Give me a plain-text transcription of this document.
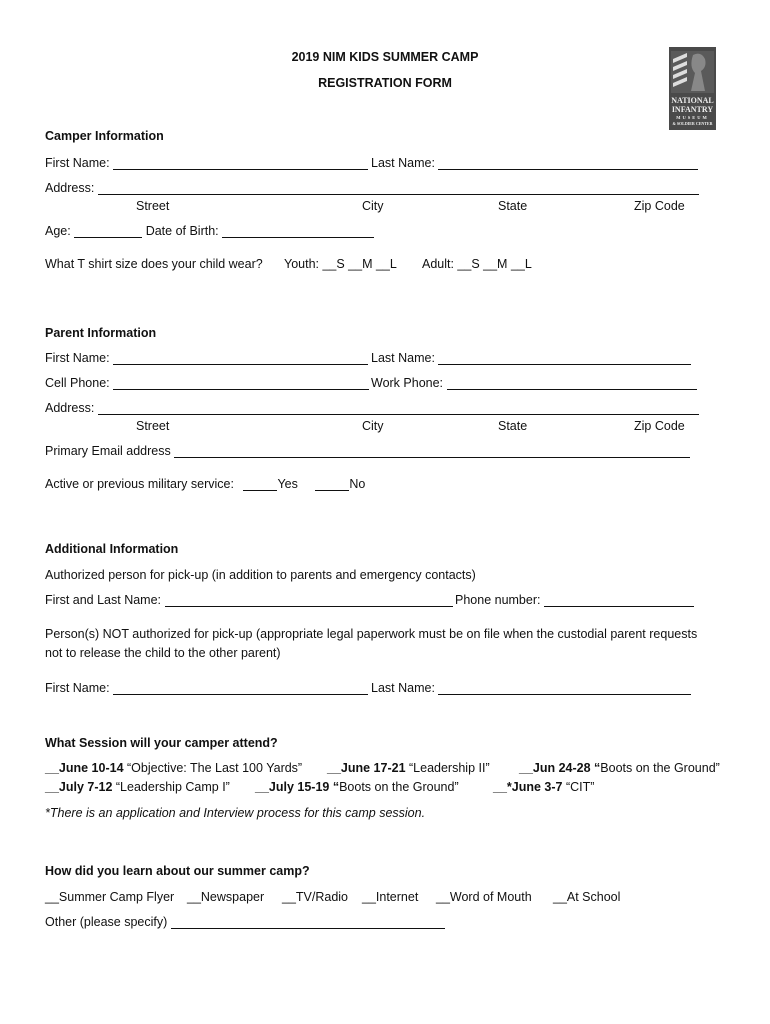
2019 NIM KIDS SUMMER CAMP
REGISTRATION FORM
NATIONAL
INFANTRY
MUSEUM
& SOLDIER CENTER
Camper Information
First Name:	Last Name:
Address:
Street	City	State	Zip Code
Age:	Date of Birth:
What T shirt size does your child wear? Youth: __S __M __L Adult: __S __M __L
Parent Information
First Name:	Last Name:
Cell Phone:	Work Phone:
Address:
Street	City	State	Zip Code
Primary Email address
Active or previous military service:	Yes	No
Additional Information
Authorized person for pick-up (in addition to parents and emergency contacts)
First and Last Name:	Phone number:
Person(s) NOT authorized for pick-up (appropriate legal paperwork must be on file when the custodial parent requests
not to release the child to the other parent)
First Name:	Last Name:
What Session will your camper attend?
__June 10-14 “Objective: The Last 100 Yards” __June 17-21 “Leadership II” __Jun 24-28 “Boots on the Ground”
__July 7-12 “Leadership Camp I” __July 15-19 “Boots on the Ground”	__*June 3-7 “CIT”
*There is an application and Interview process for this camp session.
How did you learn about our summer camp?
__Summer Camp Flyer __Newspaper __TV/Radio __Internet __Word of Mouth __At School
Other (please specify)
